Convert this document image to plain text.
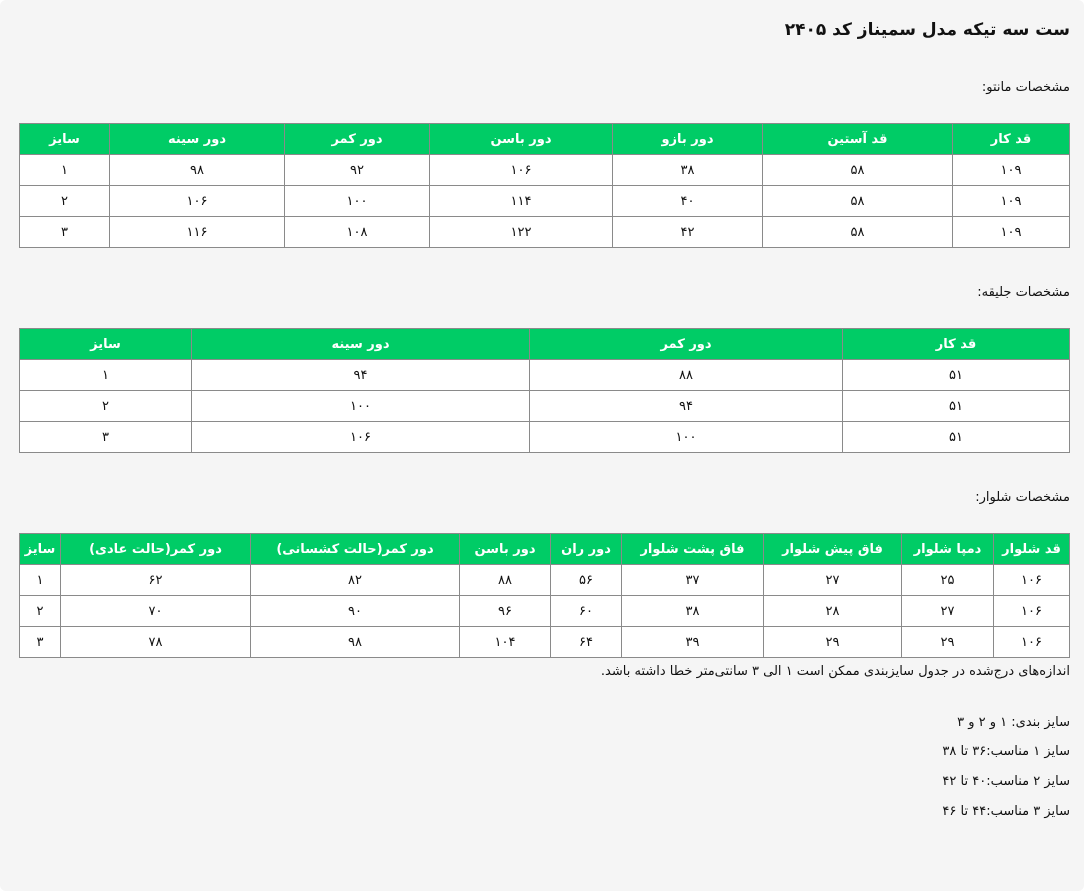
ست سه تیکه مدل سمیناز کد ۲۴۰۵
مشخصات مانتو:
قد کار	قد آستین	دور بازو	دور باسن	دور کمر	دور سینه	سایز
۱۰۹	۵۸	۳۸	۱۰۶	۹۲	۹۸	۱
۱۰۹	۵۸	۴۰	۱۱۴	۱۰۰	۱۰۶	۲
۱۰۹	۵۸	۴۲	۱۲۲	۱۰۸	۱۱۶	۳
مشخصات جلیقه:
قد کار	دور کمر	دور سینه	سایز
۵۱	۸۸	۹۴	۱
۵۱	۹۴	۱۰۰	۲
۵۱	۱۰۰	۱۰۶	۳
مشخصات شلوار:
قد شلوار	دمپا شلوار	فاق پیش شلوار	فاق پشت شلوار	دور ران	دور باسن	دور کمر(حالت کشسانی)	دور کمر(حالت عادی)	سایز
۱۰۶	۲۵	۲۷	۳۷	۵۶	۸۸	۸۲	۶۲	۱
۱۰۶	۲۷	۲۸	۳۸	۶۰	۹۶	۹۰	۷۰	۲
۱۰۶	۲۹	۲۹	۳۹	۶۴	۱۰۴	۹۸	۷۸	۳
اندازه‌های درج‌شده در جدول سایزبندی ممکن است ۱ الی ۳ سانتی‌متر خطا داشته باشد.
سایز بندی: ۱ و ۲ و ۳
سایز ۱ مناسب:۳۶ تا ۳۸
سایز ۲ مناسب:۴۰ تا ۴۲
سایز ۳ مناسب:۴۴ تا ۴۶
